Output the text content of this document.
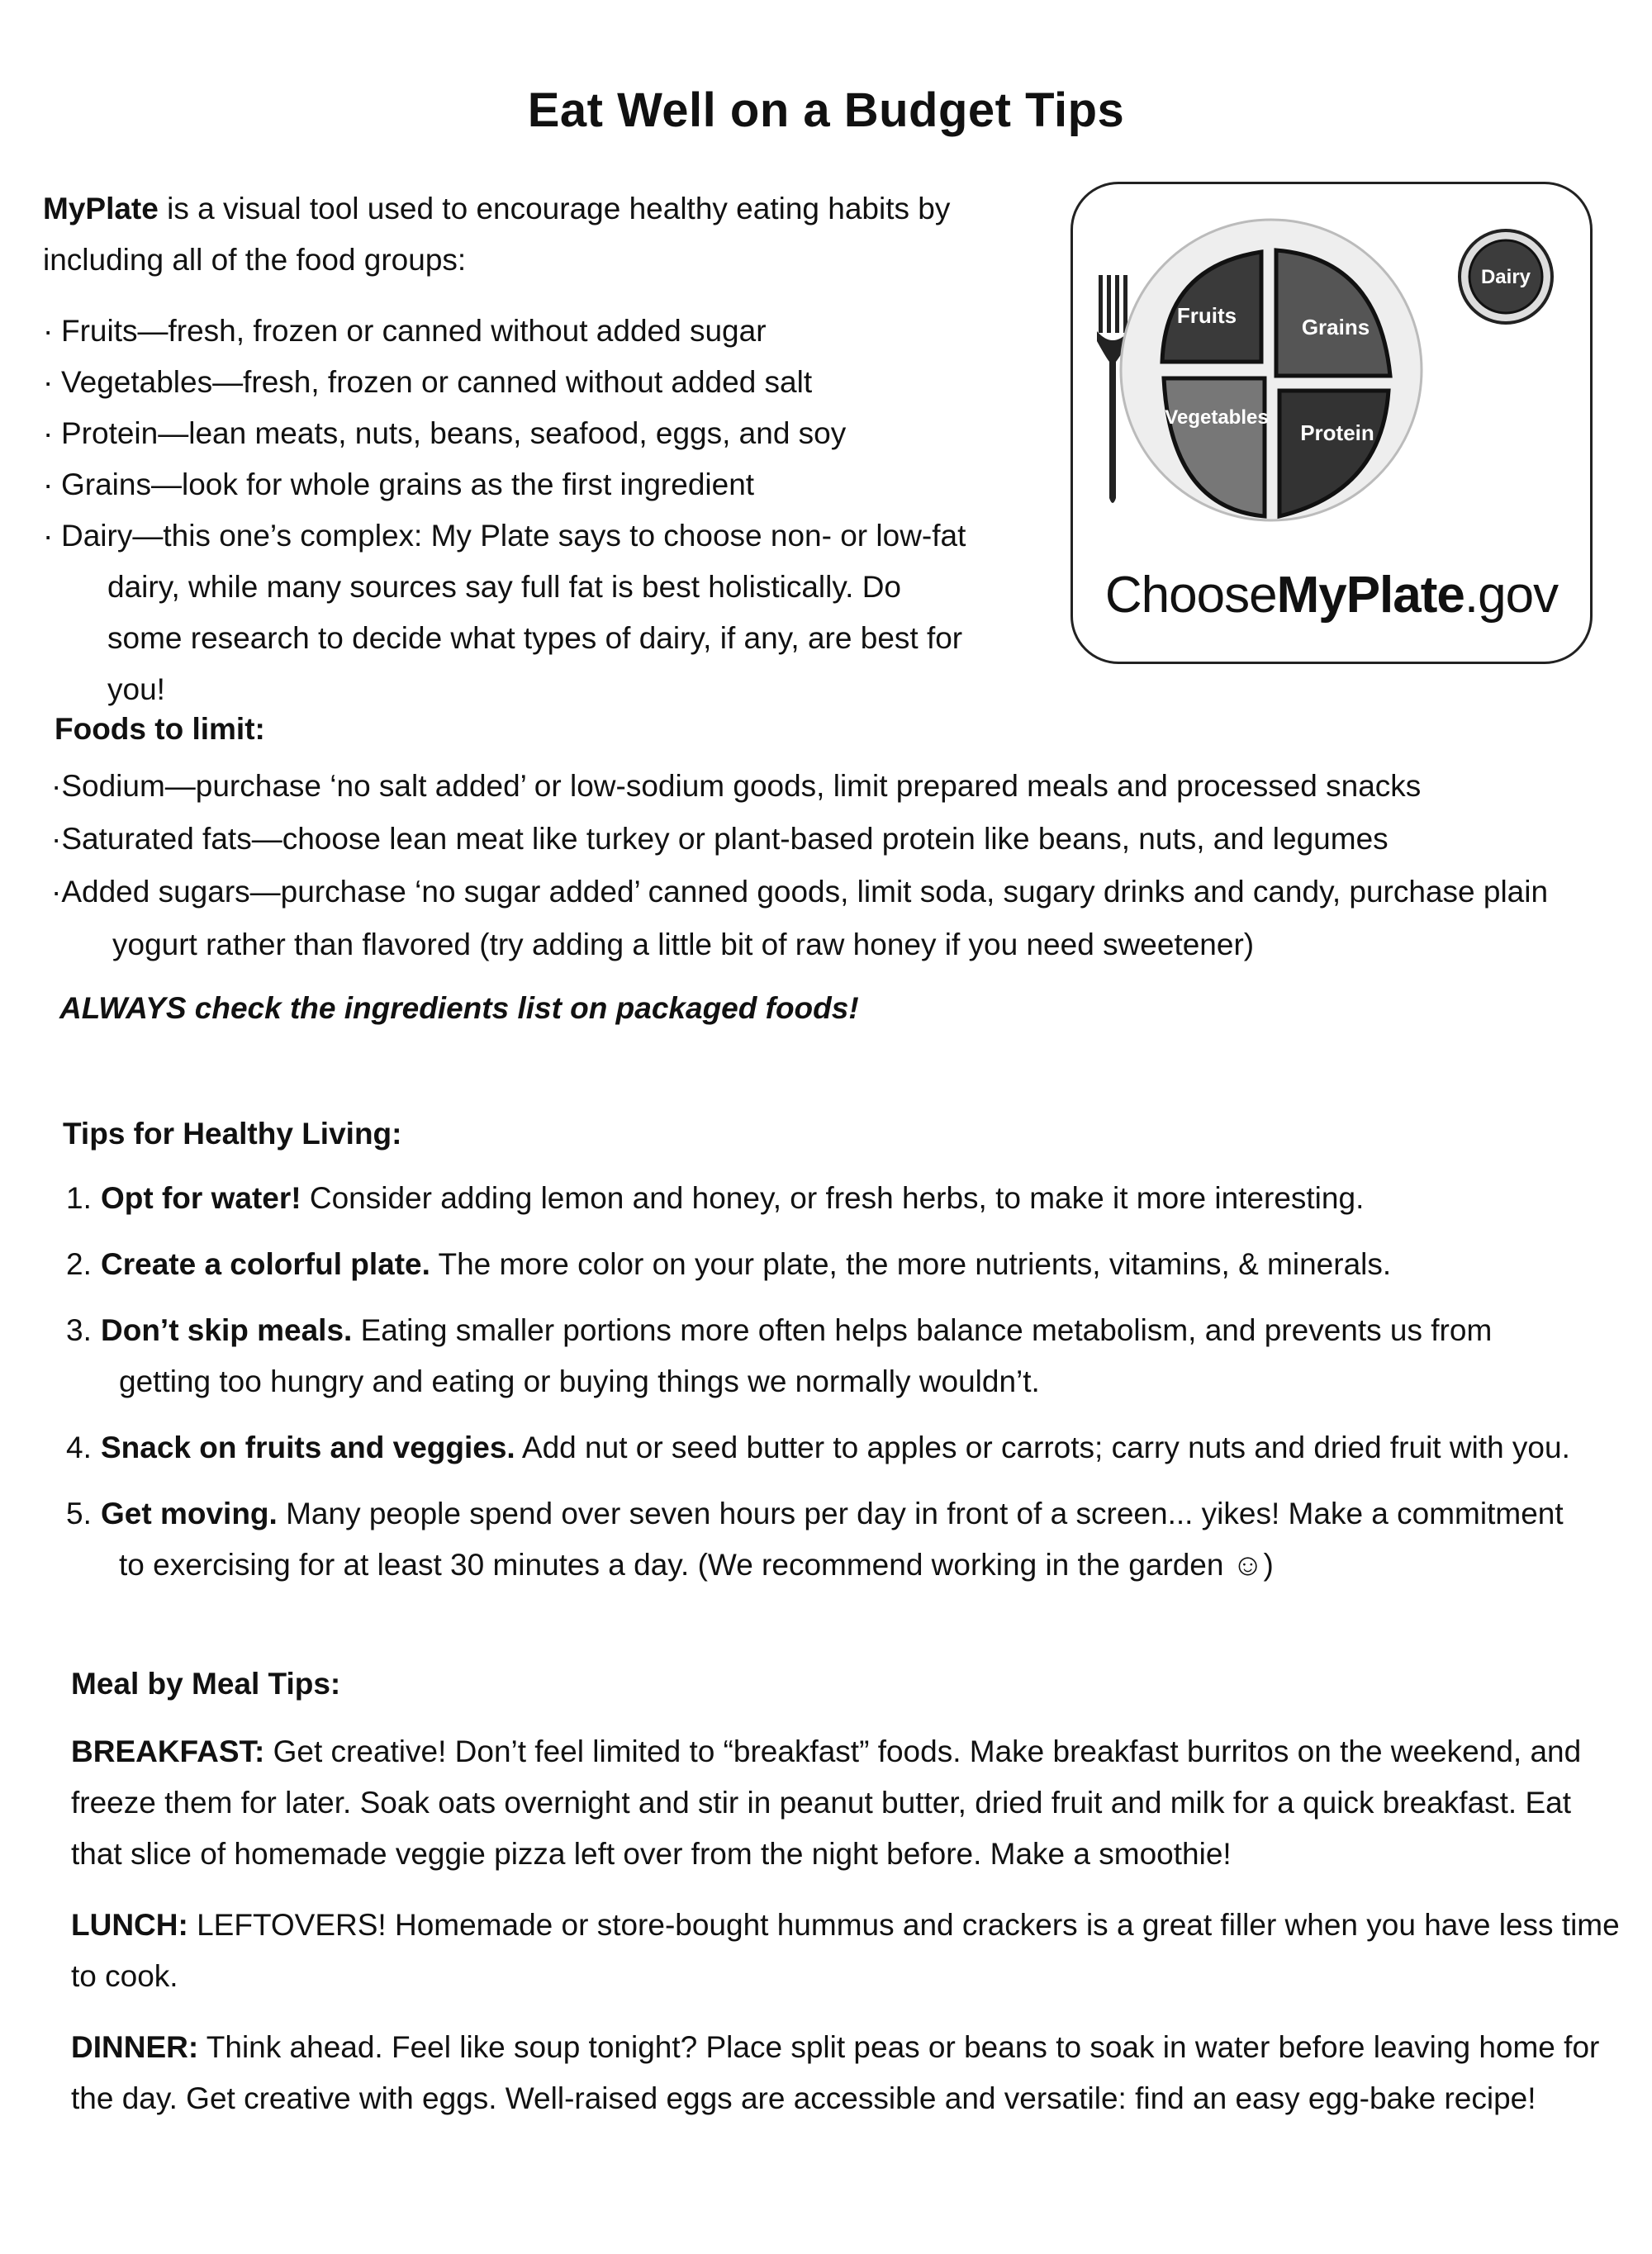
Eat Well on a Budget Tips
MyPlate is a visual tool used to encourage healthy eating habits by including all of the food groups:
· Fruits—fresh, frozen or canned without added sugar
· Vegetables—fresh, frozen or canned without added salt
· Protein—lean meats, nuts, beans, seafood, eggs, and soy
· Grains—look for whole grains as the first ingredient
· Dairy—this one’s complex: My Plate says to choose non- or low-fat
dairy, while many sources say full fat is best holistically. Do some research to decide what types of dairy, if any, are best for you!
Fruits	Grains
Vegetables
Protein
Dairy
ChooseMyPlate.gov
Foods to limit:
·Sodium—purchase ‘no salt added’ or low-sodium goods, limit prepared meals and processed snacks
·Saturated fats—choose lean meat like turkey or plant-based protein like beans, nuts, and legumes
·Added sugars—purchase ‘no sugar added’ canned goods, limit soda, sugary drinks and candy, purchase plain
yogurt rather than flavored (try adding a little bit of raw honey if you need sweetener)
ALWAYS check the ingredients list on packaged foods!
Tips for Healthy Living:
1. Opt for water! Consider adding lemon and honey, or fresh herbs, to make it more interesting.
2. Create a colorful plate. The more color on your plate, the more nutrients, vitamins, & minerals.
3. Don’t skip meals. Eating smaller portions more often helps balance metabolism, and prevents us from
getting too hungry and eating or buying things we normally wouldn’t.
4. Snack on fruits and veggies. Add nut or seed butter to apples or carrots; carry nuts and dried fruit with you.
5. Get moving. Many people spend over seven hours per day in front of a screen... yikes! Make a commitment
to exercising for at least 30 minutes a day. (We recommend working in the garden ☺)
Meal by Meal Tips:

BREAKFAST: Get creative! Don’t feel limited to “breakfast” foods. Make breakfast burritos on the weekend, and freeze them for later. Soak oats overnight and stir in peanut butter, dried fruit and milk for a quick breakfast. Eat that slice of homemade veggie pizza left over from the night before. Make a smoothie!

LUNCH: LEFTOVERS! Homemade or store-bought hummus and crackers is a great filler when you have less time to cook.

DINNER: Think ahead. Feel like soup tonight? Place split peas or beans to soak in water before leaving home for the day. Get creative with eggs. Well-raised eggs are accessible and versatile: find an easy egg-bake recipe!
